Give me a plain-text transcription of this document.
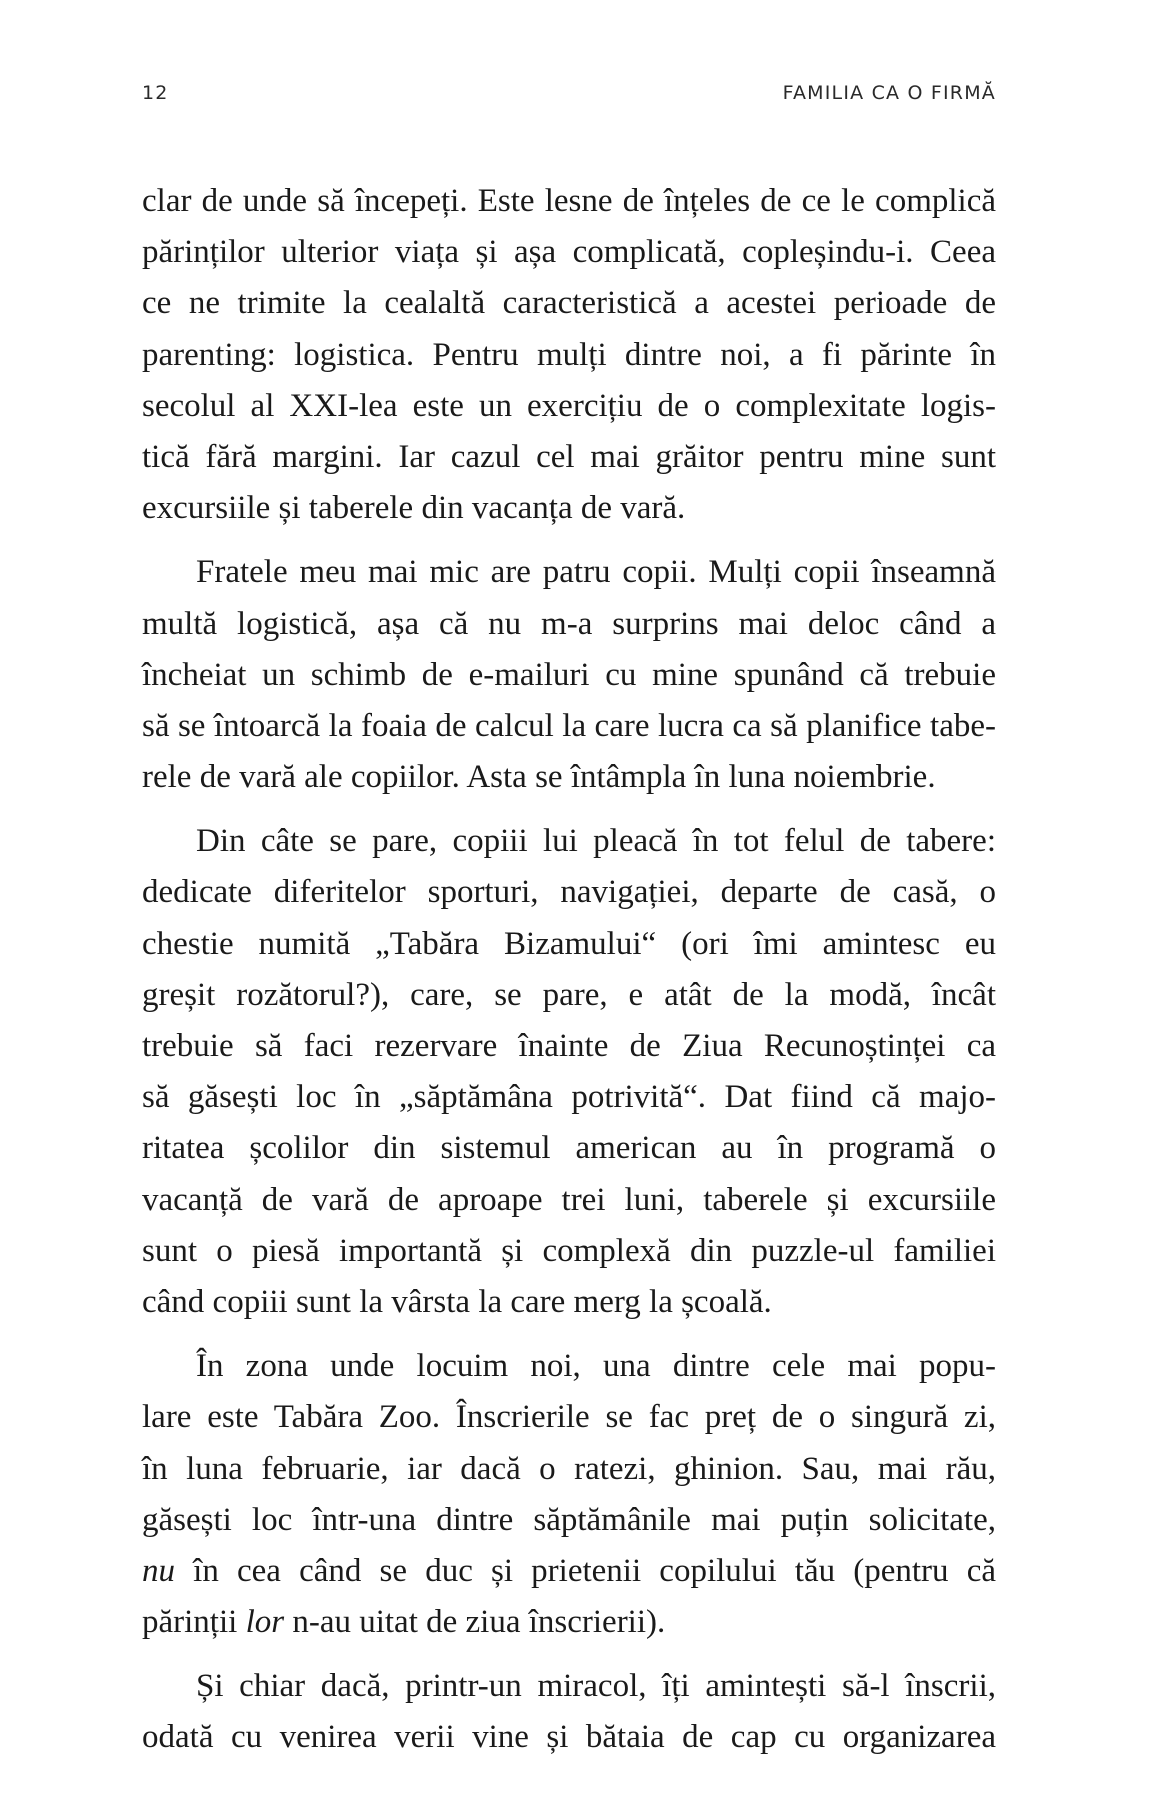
12	FAMILIA CA O FIRMĂ
clar de unde să începeți. Este lesne de înțeles de ce le complică
părinților ulterior viața și așa complicată, copleșindu-i. Ceea
ce ne trimite la cealaltă caracteristică a acestei perioade de
parenting: logistica. Pentru mulți dintre noi, a fi părinte în
secolul al XXI-lea este un exercițiu de o complexitate logis-
tică fără margini. Iar cazul cel mai grăitor pentru mine sunt
excursiile și taberele din vacanța de vară.
Fratele meu mai mic are patru copii. Mulți copii înseamnă
multă logistică, așa că nu m-a surprins mai deloc când a
încheiat un schimb de e-mailuri cu mine spunând că trebuie
să se întoarcă la foaia de calcul la care lucra ca să planifice tabe-
rele de vară ale copiilor. Asta se întâmpla în luna noiembrie.
Din câte se pare, copiii lui pleacă în tot felul de tabere:
dedicate diferitelor sporturi, navigației, departe de casă, o
chestie numită „Tabăra Bizamului“ (ori îmi amintesc eu
greșit rozătorul?), care, se pare, e atât de la modă, încât
trebuie să faci rezervare înainte de Ziua Recunoștinței ca
să găsești loc în „săptămâna potrivită“. Dat fiind că majo-
ritatea școlilor din sistemul american au în programă o
vacanță de vară de aproape trei luni, taberele și excursiile
sunt o piesă importantă și complexă din puzzle-ul familiei
când copiii sunt la vârsta la care merg la școală.
În zona unde locuim noi, una dintre cele mai popu-
lare este Tabăra Zoo. Înscrierile se fac preț de o singură zi,
în luna februarie, iar dacă o ratezi, ghinion. Sau, mai rău,
găsești loc într-una dintre săptămânile mai puțin solicitate,
nu în cea când se duc și prietenii copilului tău (pentru că
părinții lor n-au uitat de ziua înscrierii).
Și chiar dacă, printr-un miracol, îți amintești să-l înscrii,
odată cu venirea verii vine și bătaia de cap cu organizarea
